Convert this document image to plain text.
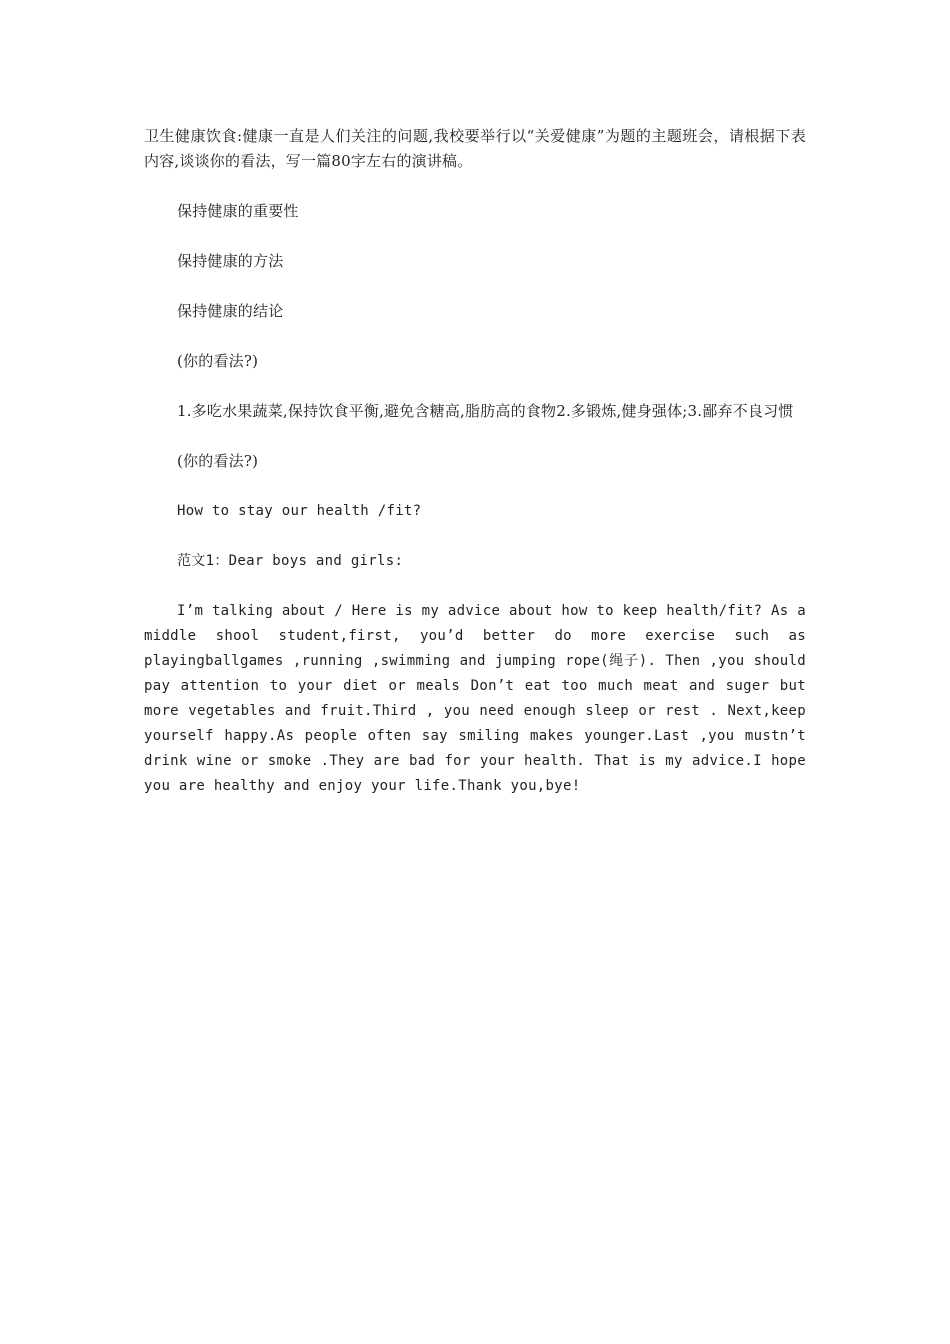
卫生健康饮食:健康一直是人们关注的问题,我校要举行以“关爱健康”为题的主题班会，请根据下表内容,谈谈你的看法，写一篇80字左右的演讲稿。

保持健康的重要性

保持健康的方法

保持健康的结论

(你的看法?)

1.多吃水果蔬菜,保持饮食平衡,避免含糖高,脂肪高的食物2.多锻炼,健身强体;3.鄙弃不良习惯

(你的看法?)

How to stay our health /fit?

范文1：Dear boys and girls:

I’m talking about / Here is my advice about how to keep health/fit? As a middle shool student,first, you’d better do more exercise such as playingballgames ,running ,swimming and jumping rope(绳子). Then ,you should pay attention to your diet or meals Don’t eat too much meat and suger but more vegetables and fruit.Third , you need enough sleep or rest . Next,keep yourself happy.As people often say smiling makes younger.Last ,you mustn’t drink wine or smoke .They are bad for your health. That is my advice.I hope you are healthy and enjoy your life.Thank you,bye!
